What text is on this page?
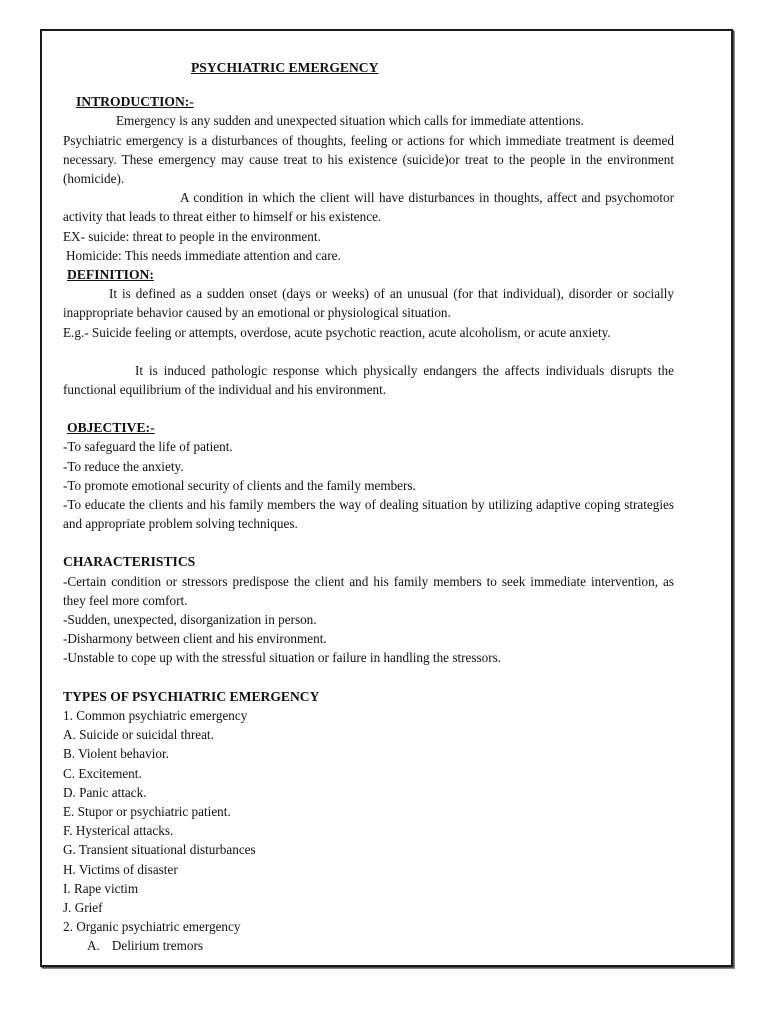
PSYCHIATRIC EMERGENCY
INTRODUCTION:-

Emergency is any sudden and unexpected situation which calls for immediate attentions.

Psychiatric emergency is a disturbances of thoughts, feeling or actions for which immediate treatment is deemed necessary. These emergency may cause treat to his existence (suicide)or treat to the people in the environment (homicide).

A condition in which the client will have disturbances in thoughts, affect and psychomotor activity that leads to threat either to himself or his existence.

EX- suicide: threat to people in the environment.

Homicide: This needs immediate attention and care.

DEFINITION:

It is defined as a sudden onset (days or weeks) of an unusual (for that individual), disorder or socially inappropriate behavior caused by an emotional or physiological situation.

E.g.- Suicide feeling or attempts, overdose, acute psychotic reaction, acute alcoholism, or acute anxiety.

It is induced pathologic response which physically endangers the affects individuals disrupts the functional equilibrium of the individual and his environment.

OBJECTIVE:-

-To safeguard the life of patient.

-To reduce the anxiety.

-To promote emotional security of clients and the family members.

-To educate the clients and his family members the way of dealing situation by utilizing adaptive coping strategies and appropriate problem solving techniques.

CHARACTERISTICS

-Certain condition or stressors predispose the client and his family members to seek immediate intervention, as they feel more comfort.

-Sudden, unexpected, disorganization in person.

-Disharmony between client and his environment.

-Unstable to cope up with the stressful situation or failure in handling the stressors.

TYPES OF PSYCHIATRIC EMERGENCY

1. Common psychiatric emergency

A. Suicide or suicidal threat.

B. Violent behavior.

C. Excitement.

D. Panic attack.

E. Stupor or psychiatric patient.

F. Hysterical attacks.

G. Transient situational disturbances

H. Victims of disaster

I. Rape victim

J. Grief

2. Organic psychiatric emergency

A. Delirium tremors
